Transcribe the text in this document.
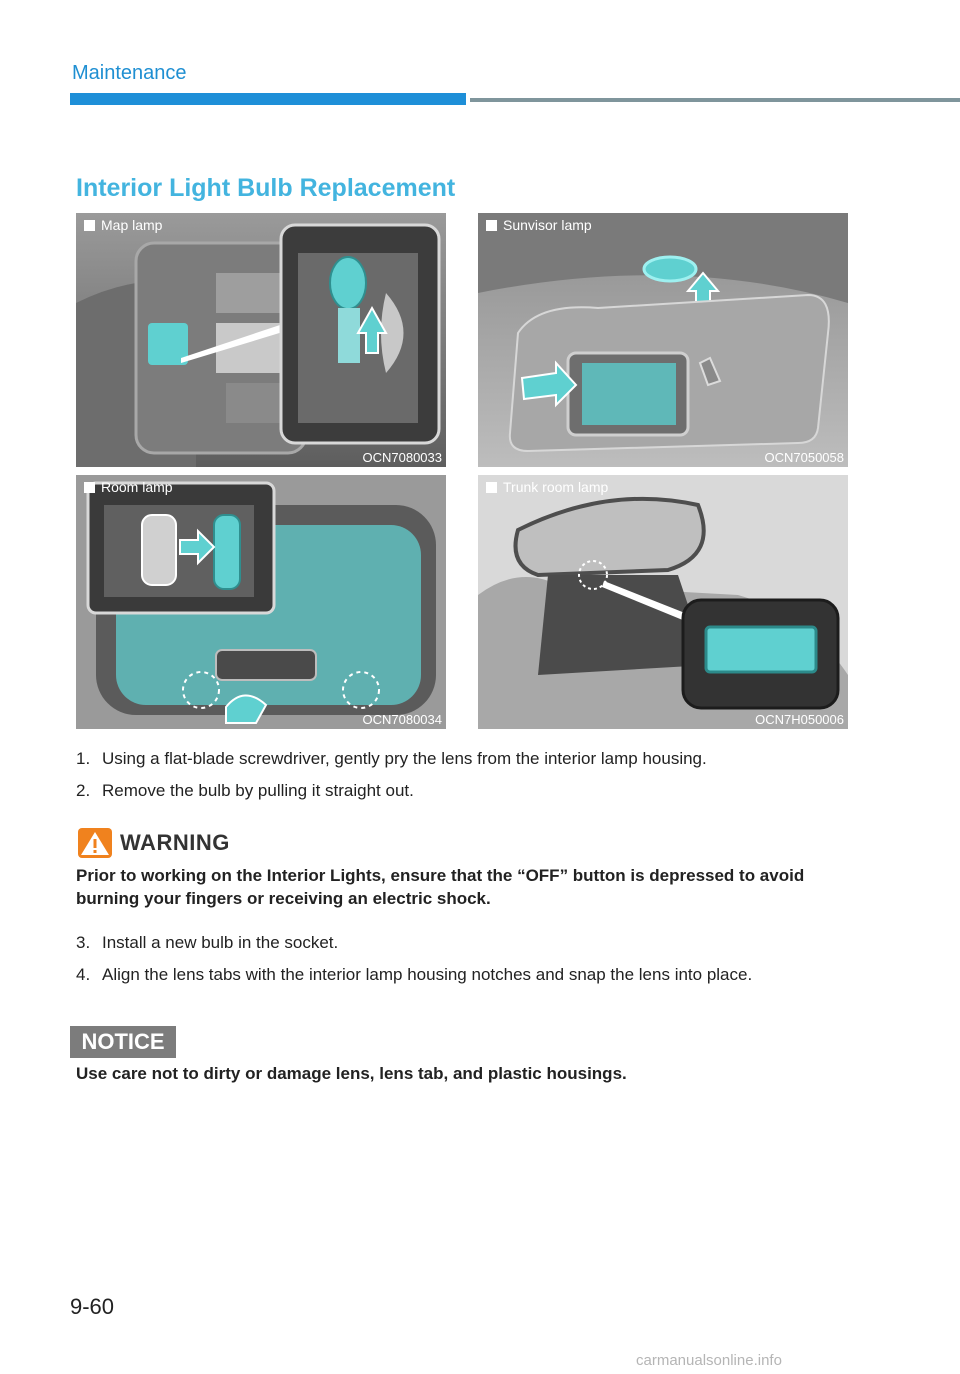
Maintenance
Interior Light Bulb Replacement
Map lamp
OCN7080033
Sunvisor lamp
OCN7050058
Room lamp
OCN7080034
Trunk room lamp
OCN7H050006
1. Using a flat-blade screwdriver, gently pry the lens from the interior lamp housing.
2. Remove the bulb by pulling it straight out.
WARNING
Prior to working on the Interior Lights, ensure that the “OFF” button is depressed to avoid burning your fingers or receiving an electric shock.
3. Install a new bulb in the socket.
4. Align the lens tabs with the interior lamp housing notches and snap the lens into place.
NOTICE
Use care not to dirty or damage lens, lens tab, and plastic housings.
9-60
carmanualsonline.info
